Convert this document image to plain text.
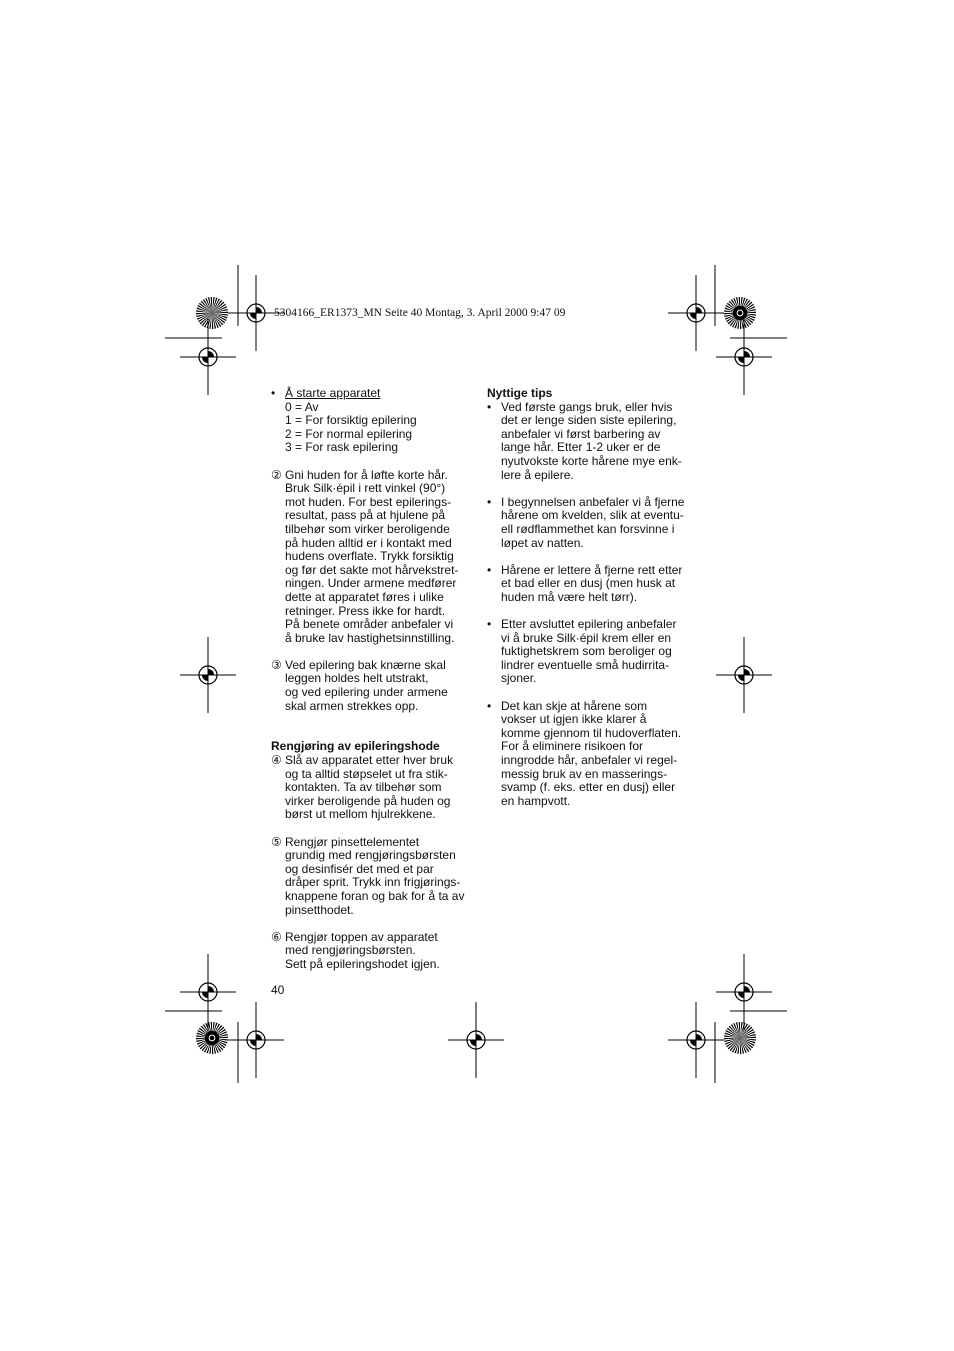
5304166_ER1373_MN Seite 40 Montag, 3. April 2000 9:47 09
• Å starte apparatet
0 = Av
1 = For forsiktig epilering
2 = For normal epilering
3 = For rask epilering
② Gni huden for å løfte korte hår.
Bruk Silk·épil i rett vinkel (90°)
mot huden. For best epilerings-
resultat, pass på at hjulene på
tilbehør som virker beroligende
på huden alltid er i kontakt med
hudens overflate. Trykk forsiktig
og før det sakte mot hårvekstret-
ningen. Under armene medfører
dette at apparatet føres i ulike
retninger. Press ikke for hardt.
På benete områder anbefaler vi
å bruke lav hastighetsinnstilling.
③ Ved epilering bak knærne skal
leggen holdes helt utstrakt,
og ved epilering under armene
skal armen strekkes opp.
Rengjøring av epileringshode
④ Slå av apparatet etter hver bruk
og ta alltid støpselet ut fra stik-
kontakten. Ta av tilbehør som
virker beroligende på huden og
børst ut mellom hjulrekkene.
⑤ Rengjør pinsettelementet
grundig med rengjøringsbørsten
og desinfisér det med et par
dråper sprit. Trykk inn frigjørings-
knappene foran og bak for å ta av
pinsetthodet.
⑥ Rengjør toppen av apparatet
med rengjøringsbørsten.
Sett på epileringshodet igjen.
Nyttige tips
• Ved første gangs bruk, eller hvis
det er lenge siden siste epilering,
anbefaler vi først barbering av
lange hår. Etter 1-2 uker er de
nyutvokste korte hårene mye enk-
lere å epilere.
• I begynnelsen anbefaler vi å fjerne
hårene om kvelden, slik at eventu-
ell rødflammethet kan forsvinne i
løpet av natten.
• Hårene er lettere å fjerne rett etter
et bad eller en dusj (men husk at
huden må være helt tørr).
• Etter avsluttet epilering anbefaler
vi å bruke Silk·épil krem eller en
fuktighetskrem som beroliger og
lindrer eventuelle små hudirrita-
sjoner.
• Det kan skje at hårene som
vokser ut igjen ikke klarer å
komme gjennom til hudoverflaten.
For å eliminere risikoen for
inngrodde hår, anbefaler vi regel-
messig bruk av en masserings-
svamp (f. eks. etter en dusj) eller
en hampvott.
40
